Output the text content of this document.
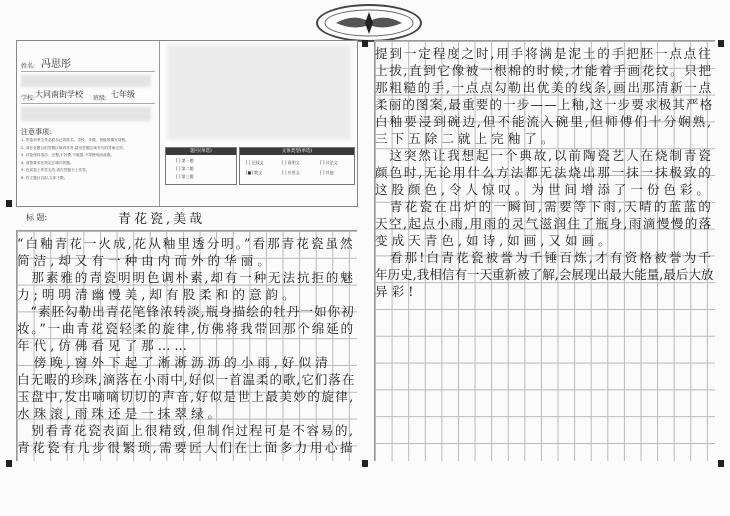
姓名: 冯思彤
学校: 大同南街学校 班级: 七年级
注意事项:
1. 答卷前考生务必将自己的姓名、学校、年级、班级等填写清楚。
2. 请在各题目的答题区域内作答,超出答题区域书写的答案无效。
3. 试卷保持清洁、完整,不折叠,不破损,不得使用涂改液。
4. 请按要求在指定区域内答题。
5. 在试卷上作答无效,请在答题卡上作答。
6. 作文题目自拟,文体不限。
题号(单选)
[ ] 第一题
[ ] 第二题
[ ] 第三题
文体类型(单选)
[ ] 记叙文	[ ] 说明文	[ ] 议论文
[■] 散文	[ ] 应用文	[ ] 其他
标 题:	青花瓷,美哉
“白釉青花一火成,花从釉里透分明。”看那青花瓷虽然
简洁,却又有一种由内而外的华丽。
　那素雅的青瓷明明色调朴素,却有一种无法抗拒的魅
力;明明清幽慢美,却有股柔和的意韵。
　“素胚勾勒出青花笔锋浓转淡,瓶身描绘的牡丹一如你初
妆。”一曲青花瓷轻柔的旋律,仿佛将我带回那个绵延的
年代,仿佛看见了那……
　傍晚,窗外下起了淅淅沥沥的小雨,好似清
白无暇的珍珠,滴落在小雨中,好似一首温柔的歌,它们落在
玉盘中,发出嘀嘀切切的声音,好似是世上最美妙的旋律,
水珠滚,雨珠还是一抹翠绿。
　别看青花瓷表面上很精致,但制作过程可是不容易的,
青花瓷有几步很繁琐,需要匠人们在上面多力用心描
提到一定程度之时,用手将满是泥土的手把胚一点点往
上拔,直到它像被一根棉的时候,才能着手画花纹。只把
那粗糙的手,一点点勾勒出优美的线条,画出那清新一点
柔丽的图案,最重要的一步——上釉,这一步要求极其严格
白釉要浸到碗边,但不能流入碗里,但师傅们十分娴熟,
三下五除二就上完釉了。
　这突然让我想起一个典故,以前陶瓷艺人在烧制青瓷
颜色时,无论用什么方法都无法烧出那一抹一抹极致的
这股颜色,令人惊叹。为世间增添了一份色彩。
　青花瓷在出炉的一瞬间,需要等下雨,天晴的蓝蓝的
天空,起点小雨,用雨的灵气滋润住了瓶身,雨滴慢慢的落
变成天青色,如诗,如画,又如画。
　看那!白青花瓷被誉为千锤百炼,才有资格被誉为千
年历史,我相信有一天重新被了解,会展现出最大能量,最后大放
异彩!
